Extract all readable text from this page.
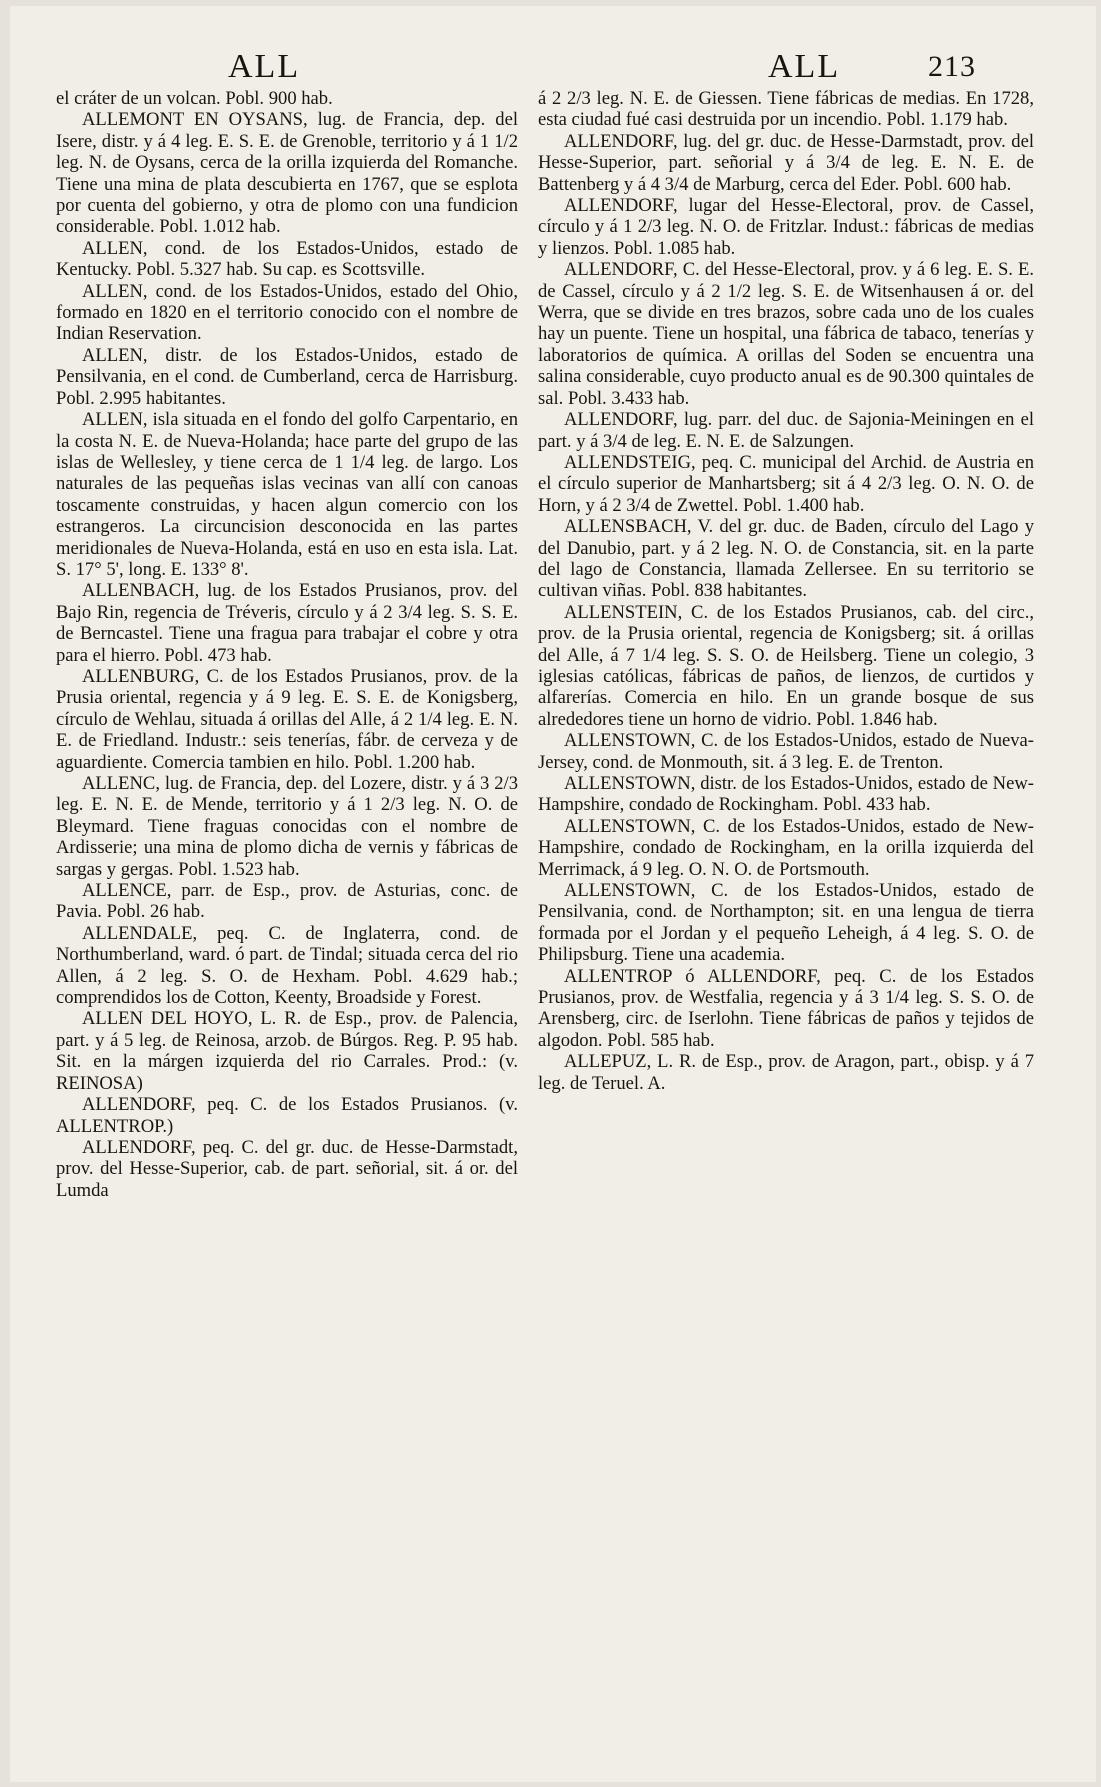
ALL	ALL	213

el cráter de un volcan. Pobl. 900 hab.

ALLEMONT EN OYSANS, lug. de Francia, dep. del Isere, distr. y á 4 leg. E. S. E. de Grenoble, territorio y á 1 1/2 leg. N. de Oysans, cerca de la orilla izquierda del Romanche. Tiene una mina de plata descubierta en 1767, que se esplota por cuenta del gobierno, y otra de plomo con una fundicion considerable. Pobl. 1.012 hab.

ALLEN, cond. de los Estados-Unidos, estado de Kentucky. Pobl. 5.327 hab. Su cap. es Scottsville.

ALLEN, cond. de los Estados-Unidos, estado del Ohio, formado en 1820 en el territorio conocido con el nombre de Indian Reservation.

ALLEN, distr. de los Estados-Unidos, estado de Pensilvania, en el cond. de Cumberland, cerca de Harrisburg. Pobl. 2.995 habitantes.

ALLEN, isla situada en el fondo del golfo Carpentario, en la costa N. E. de Nueva-Holanda; hace parte del grupo de las islas de Wellesley, y tiene cerca de 1 1/4 leg. de largo. Los naturales de las pequeñas islas vecinas van allí con canoas toscamente construidas, y hacen algun comercio con los estrangeros. La circuncision desconocida en las partes meridionales de Nueva-Holanda, está en uso en esta isla. Lat. S. 17° 5', long. E. 133° 8'.

ALLENBACH, lug. de los Estados Prusianos, prov. del Bajo Rin, regencia de Tréveris, círculo y á 2 3/4 leg. S. S. E. de Berncastel. Tiene una fragua para trabajar el cobre y otra para el hierro. Pobl. 473 hab.

ALLENBURG, C. de los Estados Prusianos, prov. de la Prusia oriental, regencia y á 9 leg. E. S. E. de Konigsberg, círculo de Wehlau, situada á orillas del Alle, á 2 1/4 leg. E. N. E. de Friedland. Industr.: seis tenerías, fábr. de cerveza y de aguardiente. Comercia tambien en hilo. Pobl. 1.200 hab.

ALLENC, lug. de Francia, dep. del Lozere, distr. y á 3 2/3 leg. E. N. E. de Mende, territorio y á 1 2/3 leg. N. O. de Bleymard. Tiene fraguas conocidas con el nombre de Ardisserie; una mina de plomo dicha de vernis y fábricas de sargas y gergas. Pobl. 1.523 hab.

ALLENCE, parr. de Esp., prov. de Asturias, conc. de Pavia. Pobl. 26 hab.

ALLENDALE, peq. C. de Inglaterra, cond. de Northumberland, ward. ó part. de Tindal; situada cerca del rio Allen, á 2 leg. S. O. de Hexham. Pobl. 4.629 hab.; comprendidos los de Cotton, Keenty, Broadside y Forest.

ALLEN DEL HOYO, L. R. de Esp., prov. de Palencia, part. y á 5 leg. de Reinosa, arzob. de Búrgos. Reg. P. 95 hab. Sit. en la márgen izquierda del rio Carrales. Prod.: (v. REINOSA)

ALLENDORF, peq. C. de los Estados Prusianos. (v. ALLENTROP.)

ALLENDORF, peq. C. del gr. duc. de Hesse-Darmstadt, prov. del Hesse-Superior, cab. de part. señorial, sit. á or. del Lumda

á 2 2/3 leg. N. E. de Giessen. Tiene fábricas de medias. En 1728, esta ciudad fué casi destruida por un incendio. Pobl. 1.179 hab.

ALLENDORF, lug. del gr. duc. de Hesse-Darmstadt, prov. del Hesse-Superior, part. señorial y á 3/4 de leg. E. N. E. de Battenberg y á 4 3/4 de Marburg, cerca del Eder. Pobl. 600 hab.

ALLENDORF, lugar del Hesse-Electoral, prov. de Cassel, círculo y á 1 2/3 leg. N. O. de Fritzlar. Indust.: fábricas de medias y lienzos. Pobl. 1.085 hab.

ALLENDORF, C. del Hesse-Electoral, prov. y á 6 leg. E. S. E. de Cassel, círculo y á 2 1/2 leg. S. E. de Witsenhausen á or. del Werra, que se divide en tres brazos, sobre cada uno de los cuales hay un puente. Tiene un hospital, una fábrica de tabaco, tenerías y laboratorios de química. A orillas del Soden se encuentra una salina considerable, cuyo producto anual es de 90.300 quintales de sal. Pobl. 3.433 hab.

ALLENDORF, lug. parr. del duc. de Sajonia-Meiningen en el part. y á 3/4 de leg. E. N. E. de Salzungen.

ALLENDSTEIG, peq. C. municipal del Archid. de Austria en el círculo superior de Manhartsberg; sit á 4 2/3 leg. O. N. O. de Horn, y á 2 3/4 de Zwettel. Pobl. 1.400 hab.

ALLENSBACH, V. del gr. duc. de Baden, círculo del Lago y del Danubio, part. y á 2 leg. N. O. de Constancia, sit. en la parte del lago de Constancia, llamada Zellersee. En su territorio se cultivan viñas. Pobl. 838 habitantes.

ALLENSTEIN, C. de los Estados Prusianos, cab. del circ., prov. de la Prusia oriental, regencia de Konigsberg; sit. á orillas del Alle, á 7 1/4 leg. S. S. O. de Heilsberg. Tiene un colegio, 3 iglesias católicas, fábricas de paños, de lienzos, de curtidos y alfarerías. Comercia en hilo. En un grande bosque de sus alrededores tiene un horno de vidrio. Pobl. 1.846 hab.

ALLENSTOWN, C. de los Estados-Unidos, estado de Nueva-Jersey, cond. de Monmouth, sit. á 3 leg. E. de Trenton.

ALLENSTOWN, distr. de los Estados-Unidos, estado de New-Hampshire, condado de Rockingham. Pobl. 433 hab.

ALLENSTOWN, C. de los Estados-Unidos, estado de New-Hampshire, condado de Rockingham, en la orilla izquierda del Merrimack, á 9 leg. O. N. O. de Portsmouth.

ALLENSTOWN, C. de los Estados-Unidos, estado de Pensilvania, cond. de Northampton; sit. en una lengua de tierra formada por el Jordan y el pequeño Leheigh, á 4 leg. S. O. de Philipsburg. Tiene una academia.

ALLENTROP ó ALLENDORF, peq. C. de los Estados Prusianos, prov. de Westfalia, regencia y á 3 1/4 leg. S. S. O. de Arensberg, circ. de Iserlohn. Tiene fábricas de paños y tejidos de algodon. Pobl. 585 hab.

ALLEPUZ, L. R. de Esp., prov. de Aragon, part., obisp. y á 7 leg. de Teruel. A.
